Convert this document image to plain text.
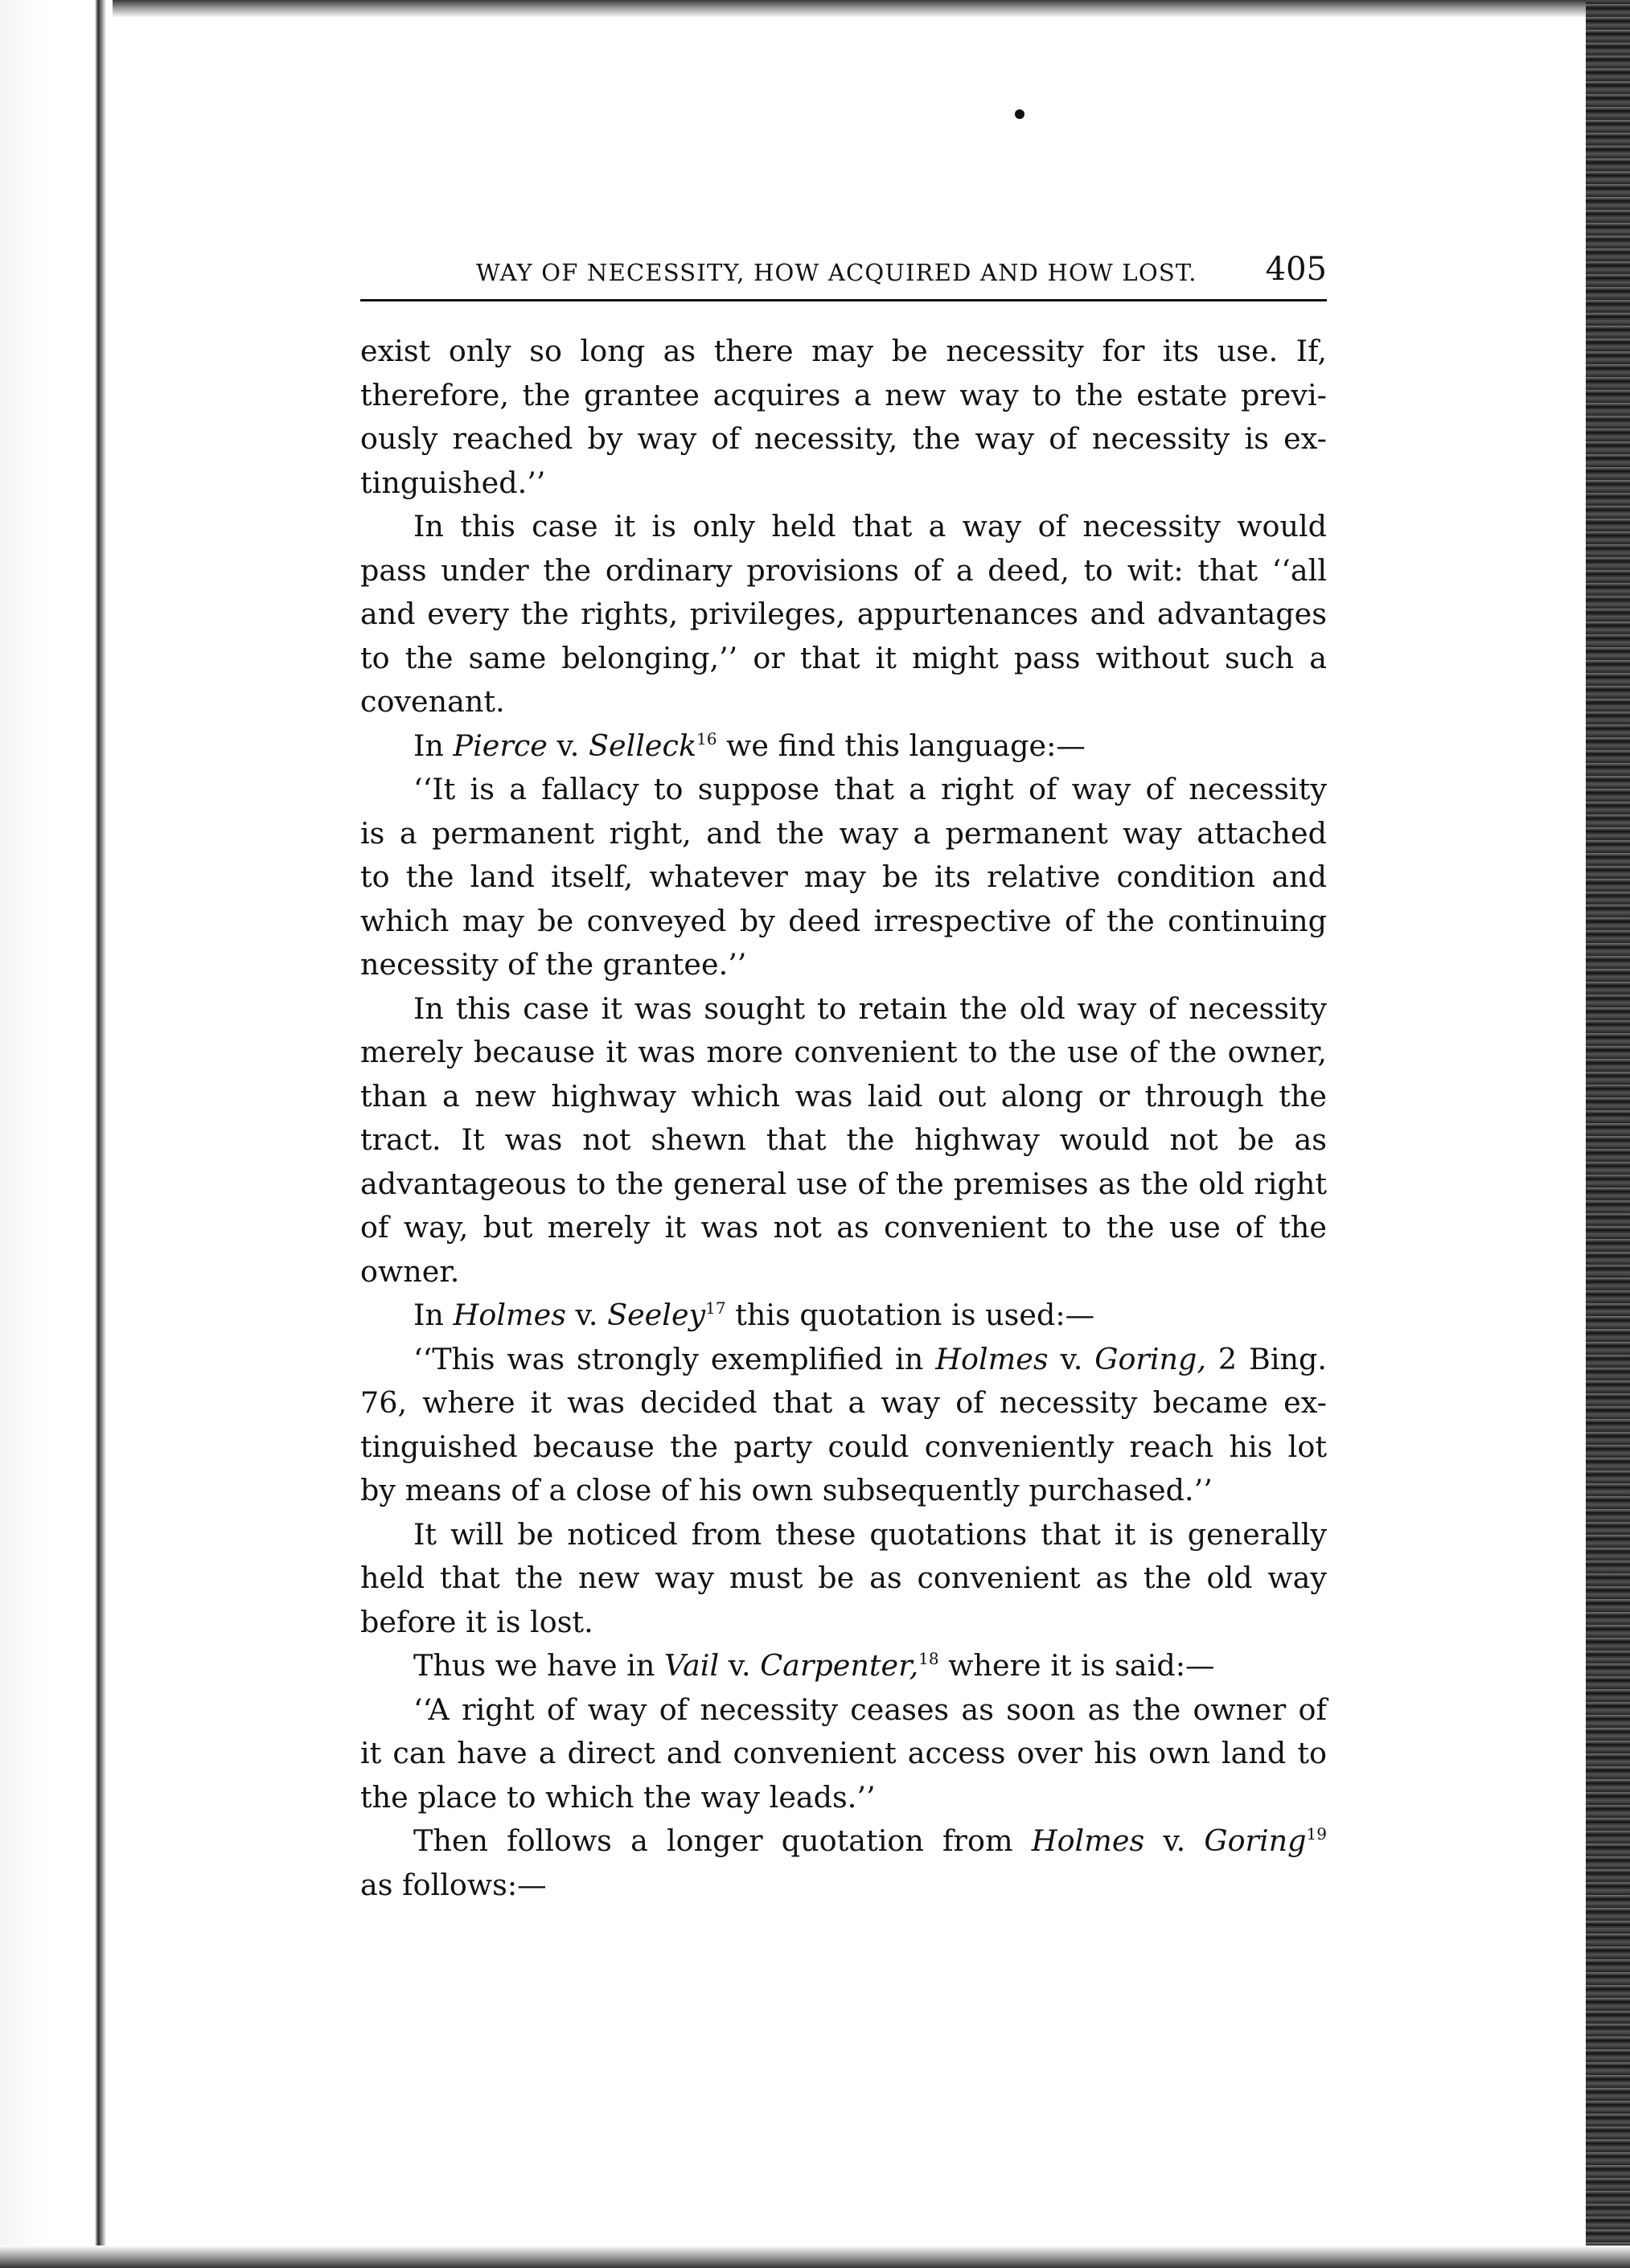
WAY OF NECESSITY, HOW ACQUIRED AND HOW LOST. 405

exist only so long as there may be necessity for its use. If,

therefore, the grantee acquires a new way to the estate previ-

ously reached by way of necessity, the way of necessity is ex-

tinguished.’’

In this case it is only held that a way of necessity would

pass under the ordinary provisions of a deed, to wit: that ‘‘all

and every the rights, privileges, appurtenances and advantages

to the same belonging,’’ or that it might pass without such a

covenant.

In Pierce v. Selleck$^{16}$ we find this language:—

‘‘It is a fallacy to suppose that a right of way of necessity

is a permanent right, and the way a permanent way attached

to the land itself, whatever may be its relative condition and

which may be conveyed by deed irrespective of the continuing

necessity of the grantee.’’

In this case it was sought to retain the old way of necessity

merely because it was more convenient to the use of the owner,

than a new highway which was laid out along or through the

tract. It was not shewn that the highway would not be as

advantageous to the general use of the premises as the old right

of way, but merely it was not as convenient to the use of the

owner.

In Holmes v. Seeley$^{17}$ this quotation is used:—

‘‘This was strongly exemplified in Holmes v. Goring, 2 Bing.

76, where it was decided that a way of necessity became ex-

tinguished because the party could conveniently reach his lot

by means of a close of his own subsequently purchased.’’

It will be noticed from these quotations that it is generally

held that the new way must be as convenient as the old way

before it is lost.

Thus we have in Vail v. Carpenter,$^{18}$ where it is said:—

‘‘A right of way of necessity ceases as soon as the owner of

it can have a direct and convenient access over his own land to

the place to which the way leads.’’

Then follows a longer quotation from Holmes v. Goring$^{19}$

as follows:—
